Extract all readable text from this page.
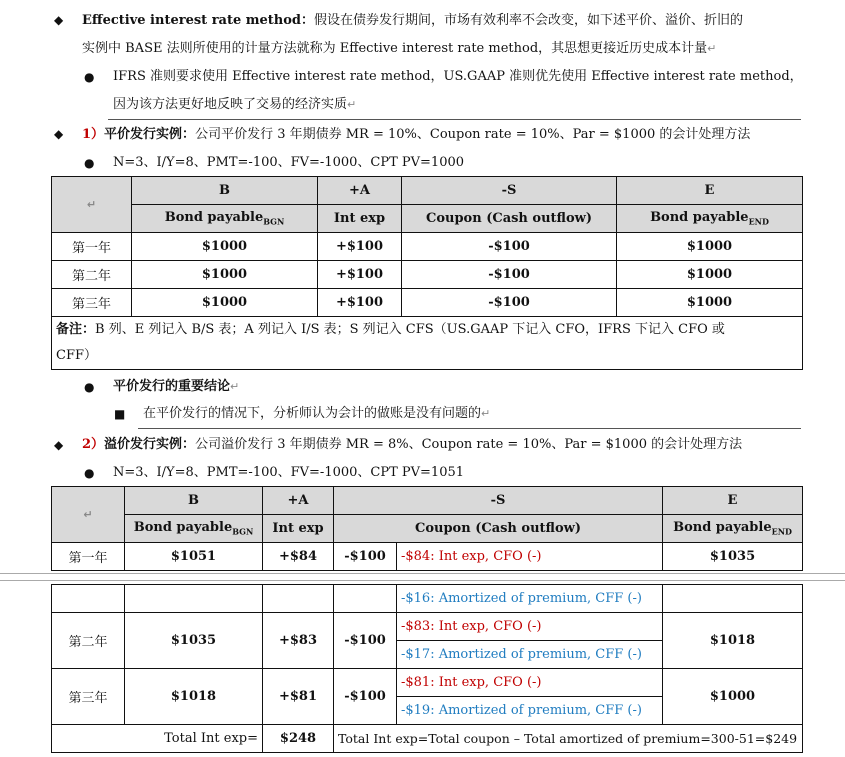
◆ Effective interest rate method：假设在债券发行期间，市场有效利率不会改变，如下述平价、溢价、折旧的
实例中 BASE 法则所使用的计量方法就称为 Effective interest rate method，其思想更接近历史成本计量↵
● IFRS 准则要求使用 Effective interest rate method，US.GAAP 准则优先使用 Effective interest rate method，
因为该方法更好地反映了交易的经济实质↵
◆ 1）平价发行实例：公司平价发行 3 年期债券 MR = 10%、Coupon rate = 10%、Par = $1000 的会计处理方法
● N=3、I/Y=8、PMT=-100、FV=-1000、CPT PV=1000
↵	B	+A	-S	E
	Bond payable$_{BGN}$	Int exp	Coupon (Cash outflow)	Bond payable$_{END}$
第一年	$1000	+$100	-$100	$1000
第二年	$1000	+$100	-$100	$1000
第三年	$1000	+$100	-$100	$1000
备注：B 列、E 列记入 B/S 表；A 列记入 I/S 表；S 列记入 CFS（US.GAAP 下记入 CFO，IFRS 下记入 CFO 或
CFF）				
● 平价发行的重要结论↵
■ 在平价发行的情况下，分析师认为会计的做账是没有问题的↵
◆ 2）溢价发行实例：公司溢价发行 3 年期债券 MR = 8%、Coupon rate = 10%、Par = $1000 的会计处理方法
● N=3、I/Y=8、PMT=-100、FV=-1000、CPT PV=1051
↵	B	+A	-S		E
	Bond payable$_{BGN}$	Int exp	Coupon (Cash outflow)		Bond payable$_{END}$
第一年	$1051	+$84	-$100	-$84: Int exp, CFO (-)	$1035
				-$16: Amortized of premium, CFF (-)	
第二年	$1035	+$83	-$100	-$83: Int exp, CFO (-)	$1018
				-$17: Amortized of premium, CFF (-)	
第三年	$1018	+$81	-$100	-$81: Int exp, CFO (-)	$1000
				-$19: Amortized of premium, CFF (-)	
Total Int exp=		$248	Total Int exp=Total coupon – Total amortized of premium=300-51=$249		
